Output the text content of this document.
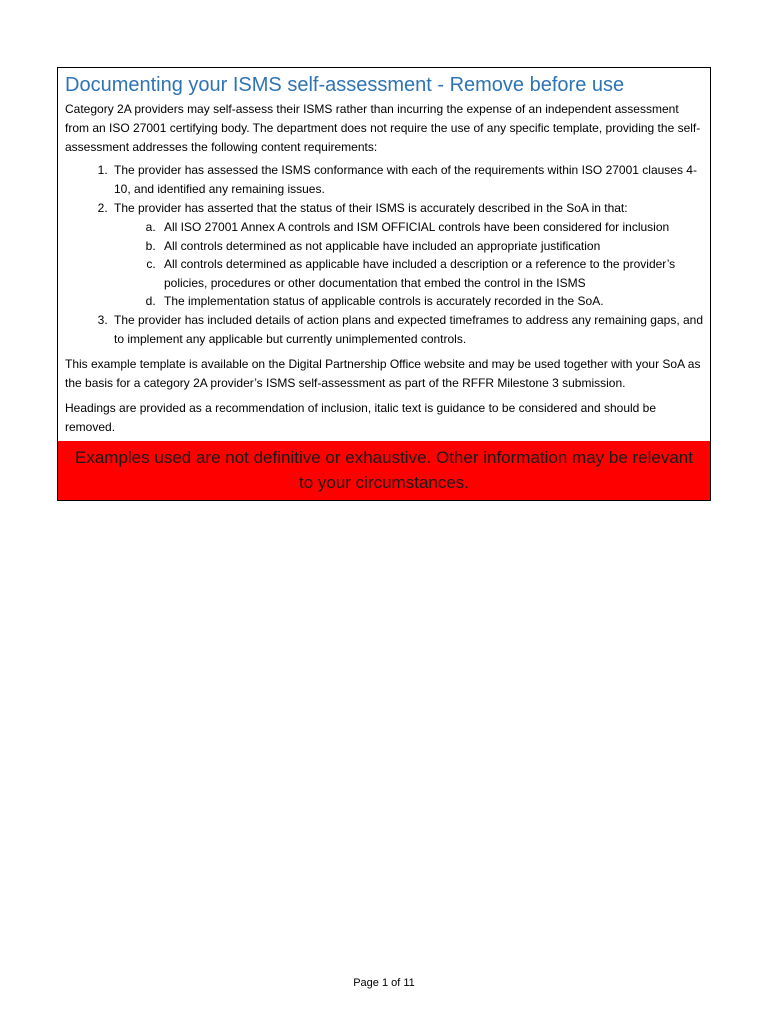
Documenting your ISMS self-assessment - Remove before use

Category 2A providers may self-assess their ISMS rather than incurring the expense of an independent assessment from an ISO 27001 certifying body. The department does not require the use of any specific template, providing the self-assessment addresses the following content requirements:

1. The provider has assessed the ISMS conformance with each of the requirements within ISO 27001 clauses 4-10, and identified any remaining issues.
2. The provider has asserted that the status of their ISMS is accurately described in the SoA in that:
a. All ISO 27001 Annex A controls and ISM OFFICIAL controls have been considered for inclusion
b. All controls determined as not applicable have included an appropriate justification
c. All controls determined as applicable have included a description or a reference to the provider’s policies, procedures or other documentation that embed the control in the ISMS
d. The implementation status of applicable controls is accurately recorded in the SoA.
3. The provider has included details of action plans and expected timeframes to address any remaining gaps, and to implement any applicable but currently unimplemented controls.

This example template is available on the Digital Partnership Office website and may be used together with your SoA as the basis for a category 2A provider’s ISMS self-assessment as part of the RFFR Milestone 3 submission.

Headings are provided as a recommendation of inclusion, italic text is guidance to be considered and should be removed.

Examples used are not definitive or exhaustive. Other information may be relevant to your circumstances.
Page 1 of 11
